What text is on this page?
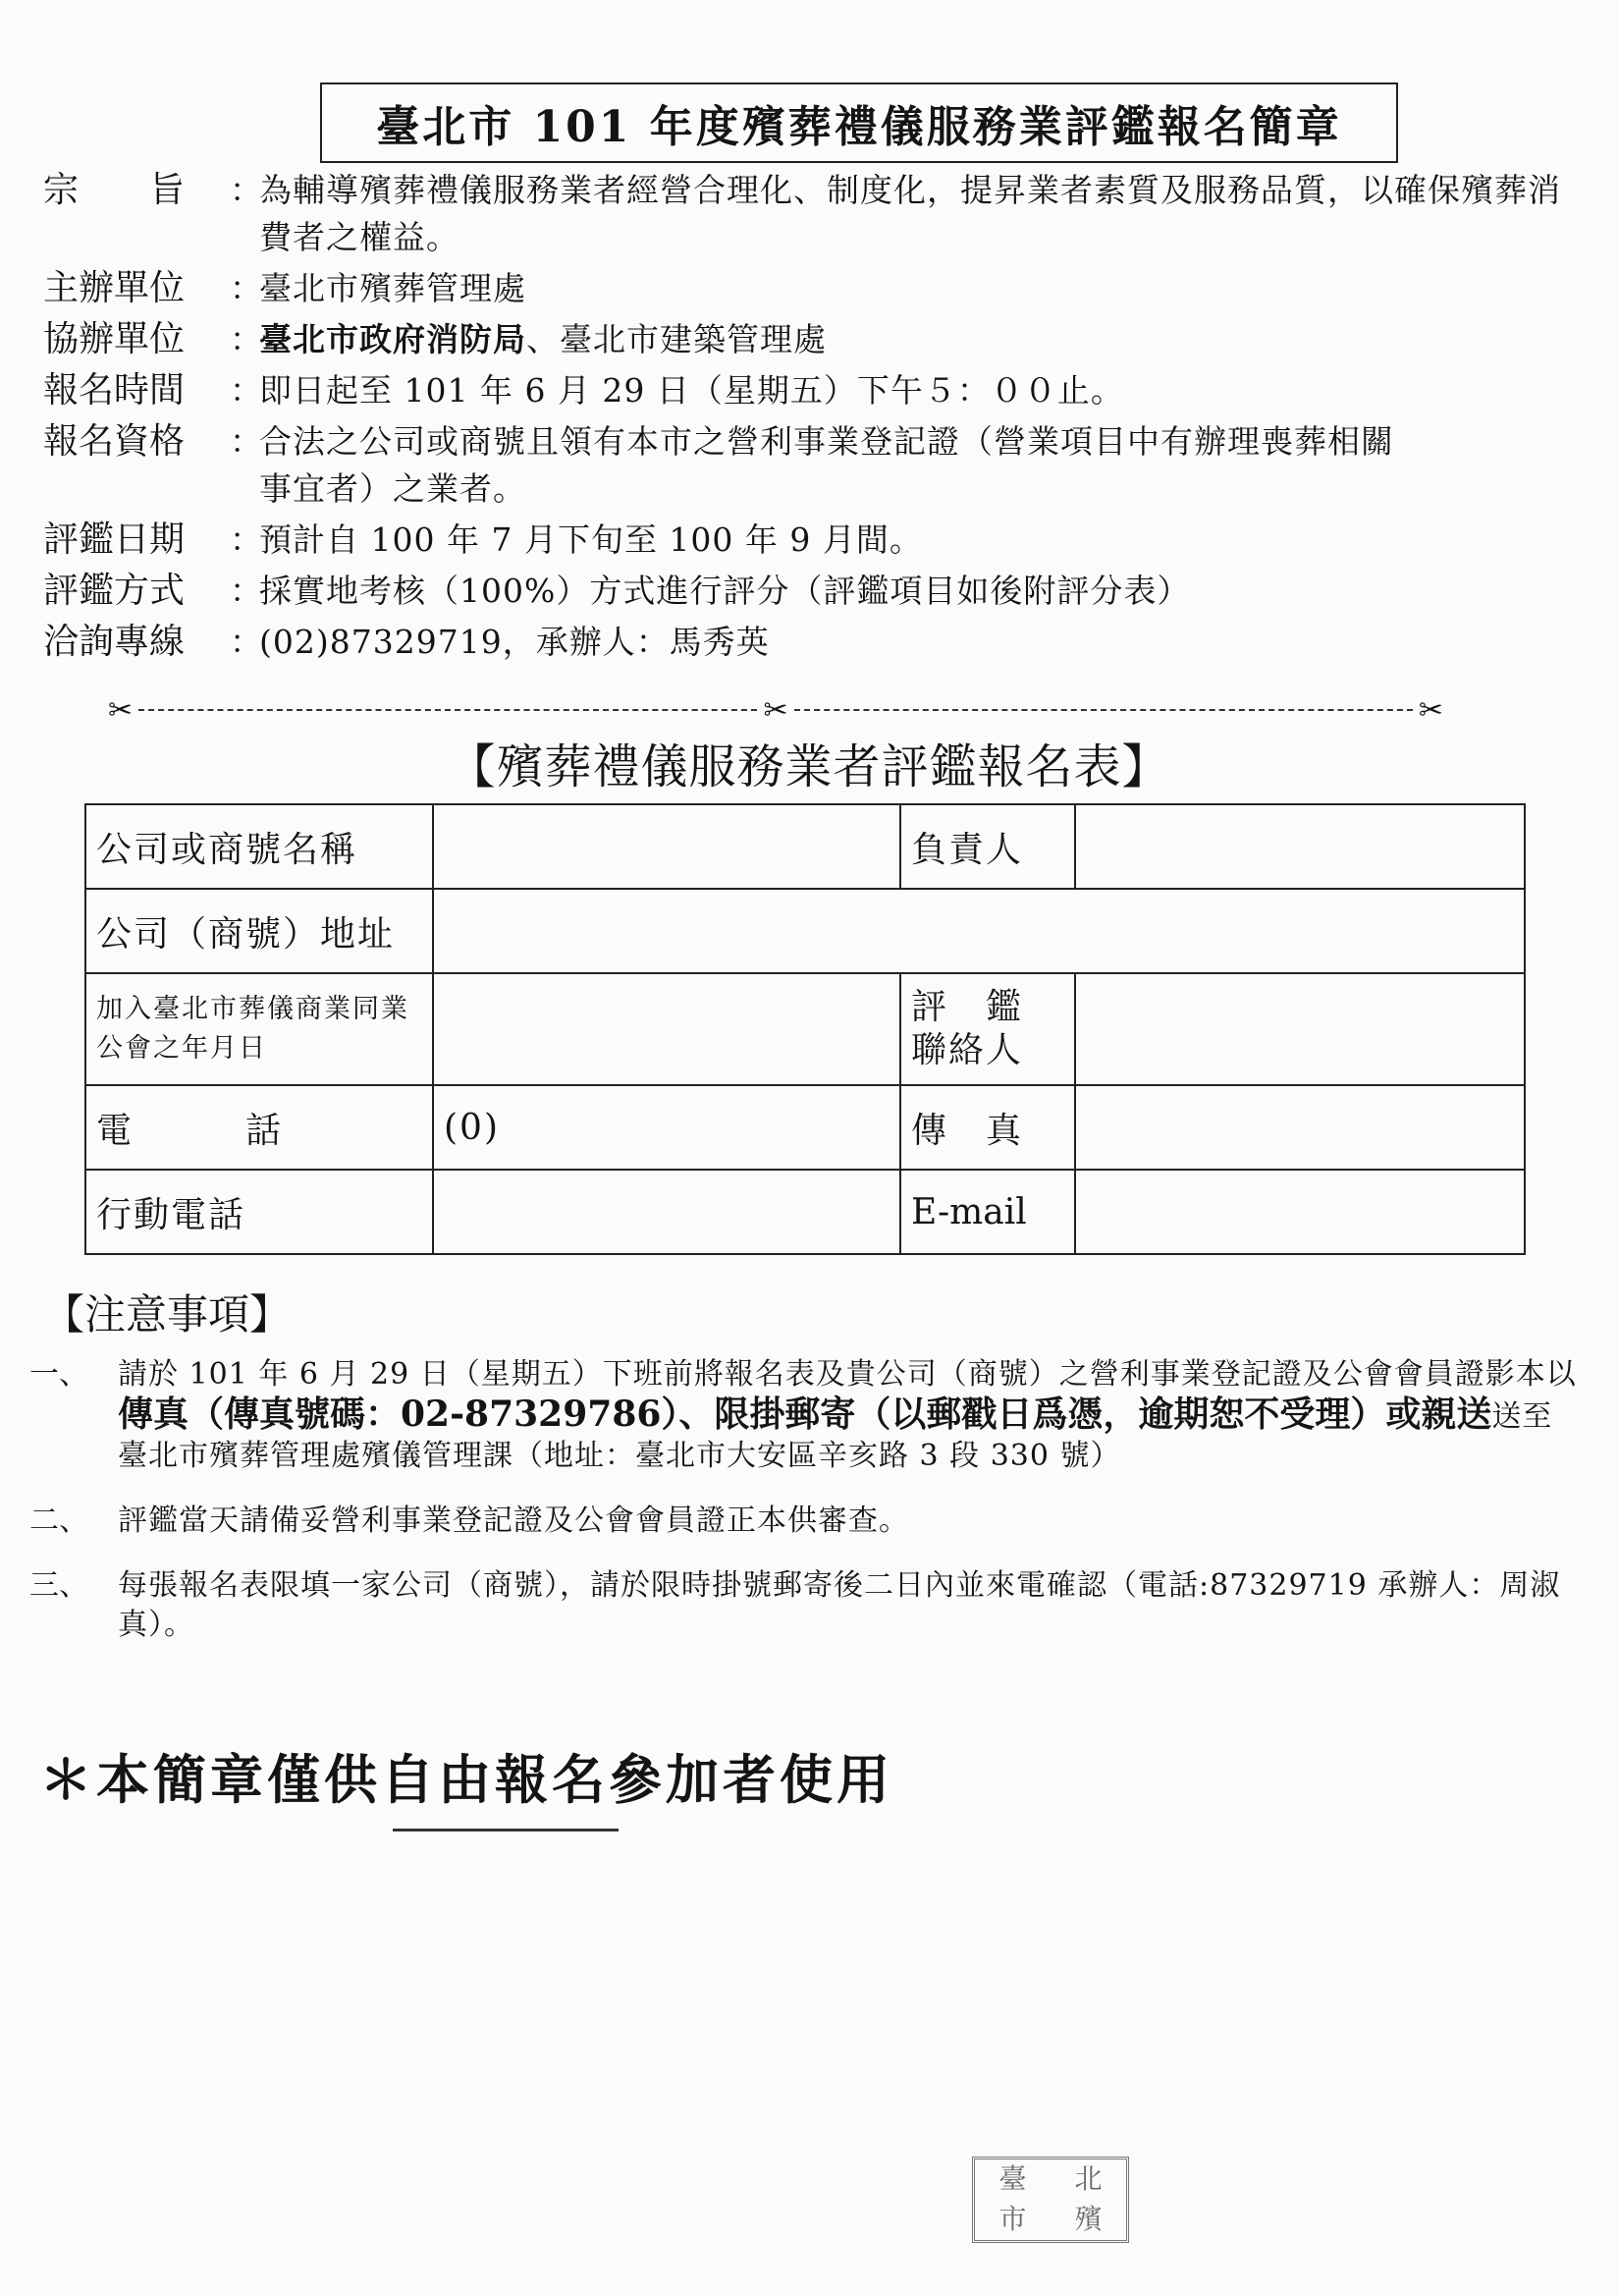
臺北市 101 年度殯葬禮儀服務業評鑑報名簡章
宗　　旨	：
為輔導殯葬禮儀服務業者經營合理化、制度化，提昇業者素質及服務品質，以確保殯葬消費者之權益。
主辦單位	：
臺北市殯葬管理處
協辦單位	：
臺北市政府消防局、臺北市建築管理處
報名時間	：
即日起至 101 年 6 月 29 日（星期五）下午５：００止。
報名資格	：
合法之公司或商號且領有本市之營利事業登記證（營業項目中有辦理喪葬相關事宜者）之業者。
評鑑日期	：
預計自 100 年 7 月下旬至 100 年 9 月間。
評鑑方式	：
採實地考核（100%）方式進行評分（評鑑項目如後附評分表）
洽詢專線	：
(02)87329719，承辦人：馬秀英
✂	✂	✂
【殯葬禮儀服務業者評鑑報名表】
公司或商號名稱		負責人	
公司（商號）地址			
加入臺北市葬儀商業同業公會之年月日		評　鑑
聯絡人	
電　　　話	(0)	傳　真	
行動電話		E-mail	
【注意事項】
一、	請於 101 年 6 月 29 日（星期五）下班前將報名表及貴公司（商號）之營利事業登記證及公會會員證影本以傳真（傳真號碼：02-87329786）、限掛郵寄（以郵戳日爲憑，逾期恕不受理）或親送送至臺北市殯葬管理處殯儀管理課（地址：臺北市大安區辛亥路 3 段 330 號）
二、	評鑑當天請備妥營利事業登記證及公會會員證正本供審查。
三、	每張報名表限填一家公司（商號），請於限時掛號郵寄後二日內並來電確認（電話:87329719 承辦人：周淑真）。
＊本簡章僅供自由報名參加者使用
臺	北
市	殯
